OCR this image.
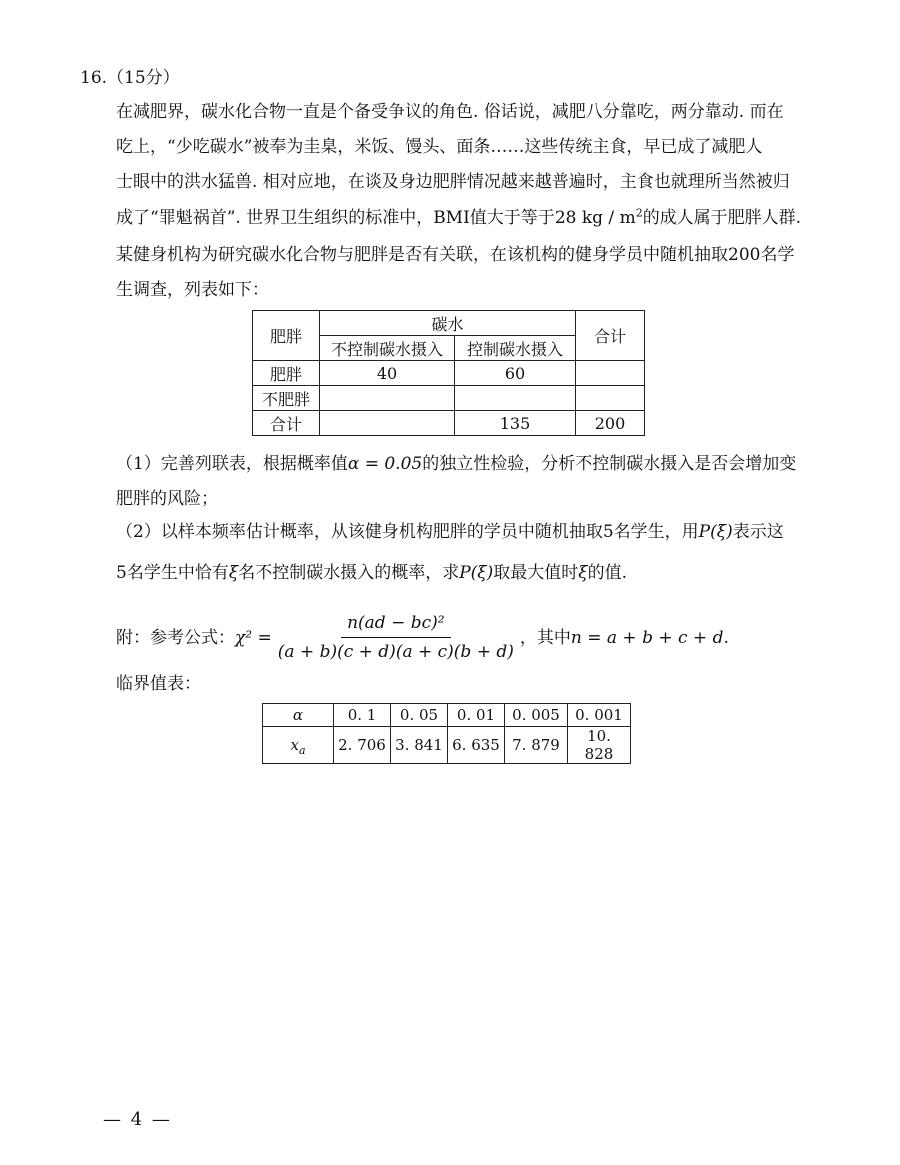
16.（15分）
在减肥界，碳水化合物一直是个备受争议的角色. 俗话说，减肥八分靠吃，两分靠动. 而在
吃上，“少吃碳水”被奉为圭臬，米饭、馒头、面条……这些传统主食，早已成了减肥人
士眼中的洪水猛兽. 相对应地，在谈及身边肥胖情况越来越普遍时，主食也就理所当然被归
成了“罪魁祸首”. 世界卫生组织的标准中，BMI值大于等于28 kg / $m^2$的成人属于肥胖人群.
某健身机构为研究碳水化合物与肥胖是否有关联，在该机构的健身学员中随机抽取200名学
生调查，列表如下：
肥胖	碳水		合计
	不控制碳水摄入	控制碳水摄入	
肥胖	40	60	
不肥胖			
合计		135	200
（1）完善列联表，根据概率值α = 0.05的独立性检验，分析不控制碳水摄入是否会增加变
肥胖的风险；
（2）以样本频率估计概率，从该健身机构肥胖的学员中随机抽取5名学生，用P(ξ)表示这
5名学生中恰有ξ名不控制碳水摄入的概率，求P(ξ)取最大值时ξ的值.
附：参考公式： $\chi^2 = \frac{\text{n(ad − bc)²}}{(a + b)(c + d)(a + c)(b + d)}$ ，其中 n = a + b + c + d .
临界值表：
α	0. 1	0. 05	0. 01	0. 005	0. 001
$x_a$	2. 706	3. 841	6. 635	7. 879	10. 828
— 4 —
